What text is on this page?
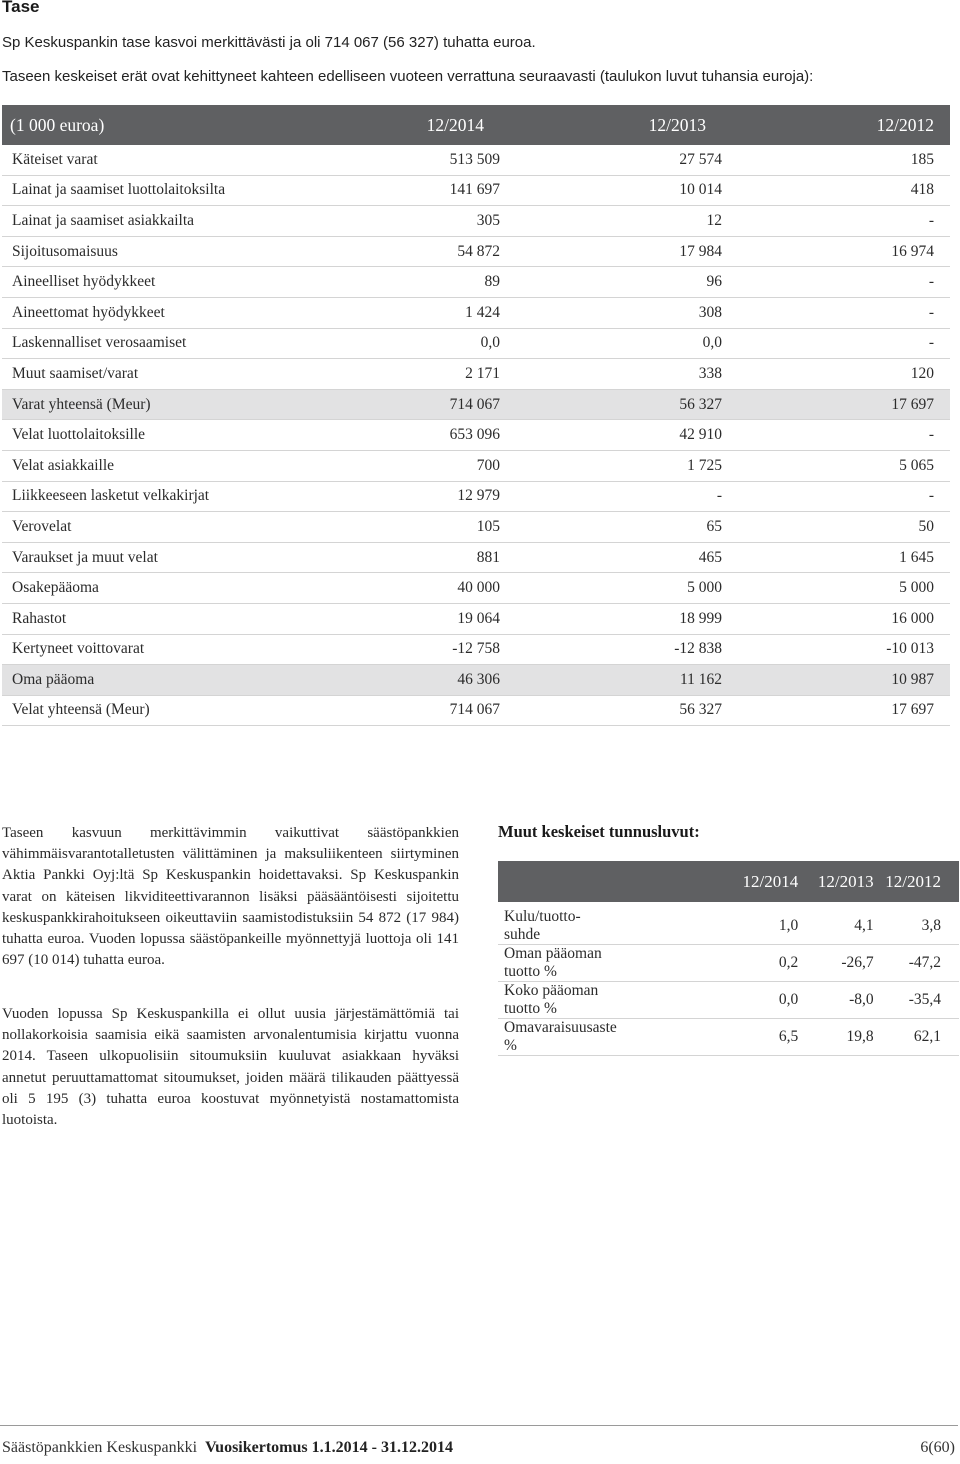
Tase
Sp Keskuspankin tase kasvoi merkittävästi ja oli 714 067 (56 327) tuhatta euroa.
Taseen keskeiset erät ovat kehittyneet kahteen edelliseen vuoteen verrattuna seuraavasti (taulukon luvut tuhansia euroja):
(1 000 euroa)	12/2014	12/2013	12/2012
Käteiset varat	513 509	27 574	185
Lainat ja saamiset luottolaitoksilta	141 697	10 014	418
Lainat ja saamiset asiakkailta	305	12	-
Sijoitusomaisuus	54 872	17 984	16 974
Aineelliset hyödykkeet	89	96	-
Aineettomat hyödykkeet	1 424	308	-
Laskennalliset verosaamiset	0,0	0,0	-
Muut saamiset/varat	2 171	338	120
Varat yhteensä (Meur)	714 067	56 327	17 697
Velat luottolaitoksille	653 096	42 910	-
Velat asiakkaille	700	1 725	5 065
Liikkeeseen lasketut velkakirjat	12 979	-	-
Verovelat	105	65	50
Varaukset ja muut velat	881	465	1 645
Osakepääoma	40 000	5 000	5 000
Rahastot	19 064	18 999	16 000
Kertyneet voittovarat	-12 758	-12 838	-10 013
Oma pääoma	46 306	11 162	10 987
Velat yhteensä (Meur)	714 067	56 327	17 697
Taseen kasvuun merkittävimmin vaikuttivat säästöpankkien vähimmäisvarantotalletusten välittäminen ja maksuliikenteen siirtyminen Aktia Pankki Oyj:ltä Sp Keskuspankin hoidettavaksi. Sp Keskuspankin varat on käteisen likviditeettivarannon lisäksi pääsääntöisesti sijoitettu keskuspankkirahoitukseen oikeuttaviin saamistodistuksiin 54 872 (17 984) tuhatta euroa. Vuoden lopussa säästöpankeille myönnettyjä luottoja oli 141 697 (10 014) tuhatta euroa.
Vuoden lopussa Sp Keskuspankilla ei ollut uusia järjestämättömiä tai nollakorkoisia saamisia eikä saamisten arvonalentumisia kirjattu vuonna 2014. Taseen ulkopuolisiin sitoumuksiin kuuluvat asiakkaan hyväksi annetut peruuttamattomat sitoumukset, joiden määrä tilikauden päättyessä oli 5 195 (3) tuhatta euroa koostuvat myönnetyistä nostamattomista luotoista.
Muut keskeiset tunnusluvut:
	12/2014	12/2013	12/2012
Kulu/tuotto-suhde	1,0	4,1	3,8
Oman pääoman tuotto %	0,2	-26,7	-47,2
Koko pääoman tuotto %	0,0	-8,0	-35,4
Omavaraisuusaste %	6,5	19,8	62,1
Säästöpankkien Keskuspankki Vuosikertomus 1.1.2014 - 31.12.2014	6(60)
